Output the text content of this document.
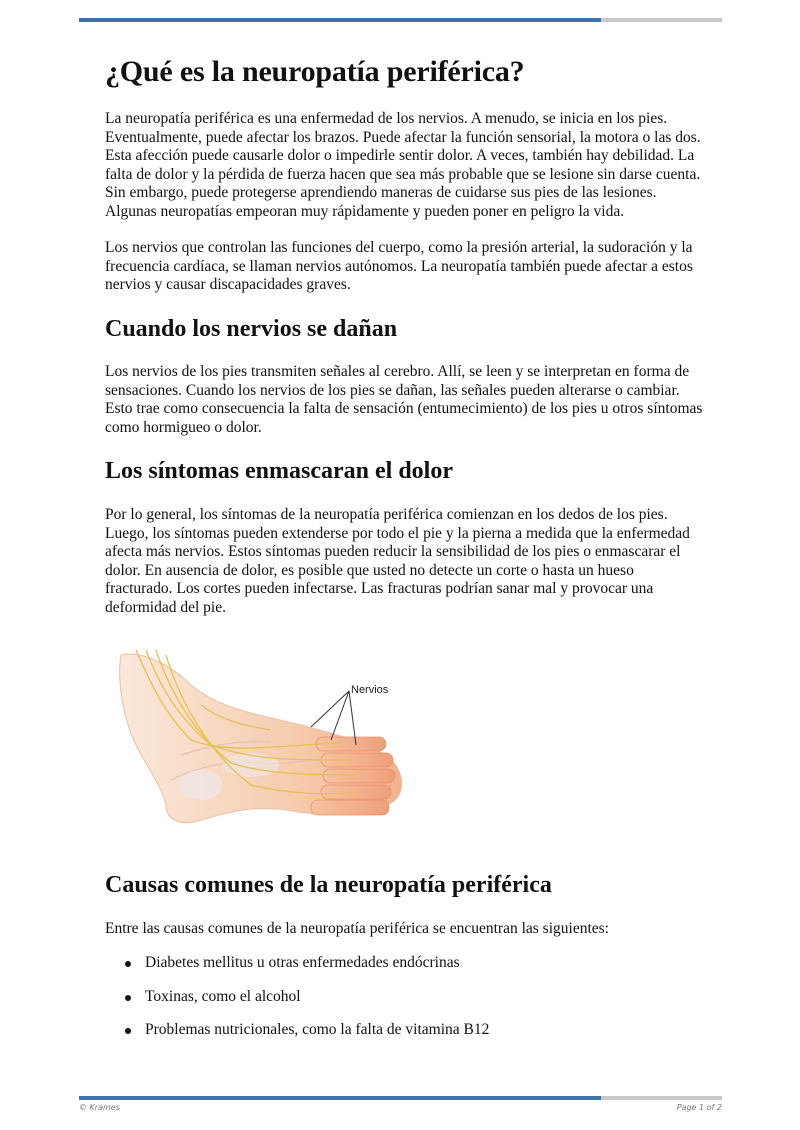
¿Qué es la neuropatía periférica?

La neuropatía periférica es una enfermedad de los nervios. A menudo, se inicia en los pies. Eventualmente, puede afectar los brazos. Puede afectar la función sensorial, la motora o las dos. Esta afección puede causarle dolor o impedirle sentir dolor. A veces, también hay debilidad. La falta de dolor y la pérdida de fuerza hacen que sea más probable que se lesione sin darse cuenta. Sin embargo, puede protegerse aprendiendo maneras de cuidarse sus pies de las lesiones. Algunas neuropatías empeoran muy rápidamente y pueden poner en peligro la vida.

Los nervios que controlan las funciones del cuerpo, como la presión arterial, la sudoración y la frecuencia cardíaca, se llaman nervios autónomos. La neuropatía también puede afectar a estos nervios y causar discapacidades graves.

Cuando los nervios se dañan

Los nervios de los pies transmiten señales al cerebro. Allí, se leen y se interpretan en forma de sensaciones. Cuando los nervios de los pies se dañan, las señales pueden alterarse o cambiar. Esto trae como consecuencia la falta de sensación (entumecimiento) de los pies u otros síntomas como hormigueo o dolor.

Los síntomas enmascaran el dolor

Por lo general, los síntomas de la neuropatía periférica comienzan en los dedos de los pies. Luego, los síntomas pueden extenderse por todo el pie y la pierna a medida que la enfermedad afecta más nervios. Estos síntomas pueden reducir la sensibilidad de los pies o enmascarar el dolor. En ausencia de dolor, es posible que usted no detecte un corte o hasta un hueso fracturado. Los cortes pueden infectarse. Las fracturas podrían sanar mal y provocar una deformidad del pie.

Nervios
Causas comunes de la neuropatía periférica

Entre las causas comunes de la neuropatía periférica se encuentran las siguientes:

Diabetes mellitus u otras enfermedades endócrinas
Toxinas, como el alcohol
Problemas nutricionales, como la falta de vitamina B12
© Krames	Page 1 of 2
